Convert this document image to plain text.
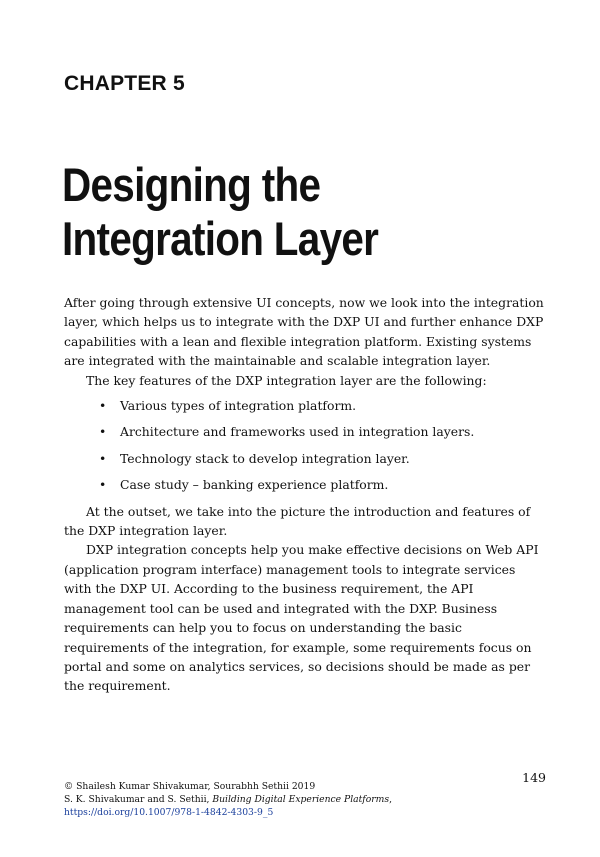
CHAPTER 5
Designing the Integration Layer

After going through extensive UI concepts, now we look into the integration layer, which helps us to integrate with the DXP UI and further enhance DXP capabilities with a lean and flexible integration platform. Existing systems are integrated with the maintainable and scalable integration layer.

The key features of the DXP integration layer are the following:

• Various types of integration platform.
• Architecture and frameworks used in integration layers.
• Technology stack to develop integration layer.
• Case study – banking experience platform.

At the outset, we take into the picture the introduction and features of the DXP integration layer.

DXP integration concepts help you make effective decisions on Web API (application program interface) management tools to integrate services with the DXP UI. According to the business requirement, the API management tool can be used and integrated with the DXP. Business requirements can help you to focus on understanding the basic requirements of the integration, for example, some requirements focus on portal and some on analytics services, so decisions should be made as per the requirement.

149
© Shailesh Kumar Shivakumar, Sourabhh Sethii 2019
S. K. Shivakumar and S. Sethii, Building Digital Experience Platforms,
https://doi.org/10.1007/978-1-4842-4303-9_5
